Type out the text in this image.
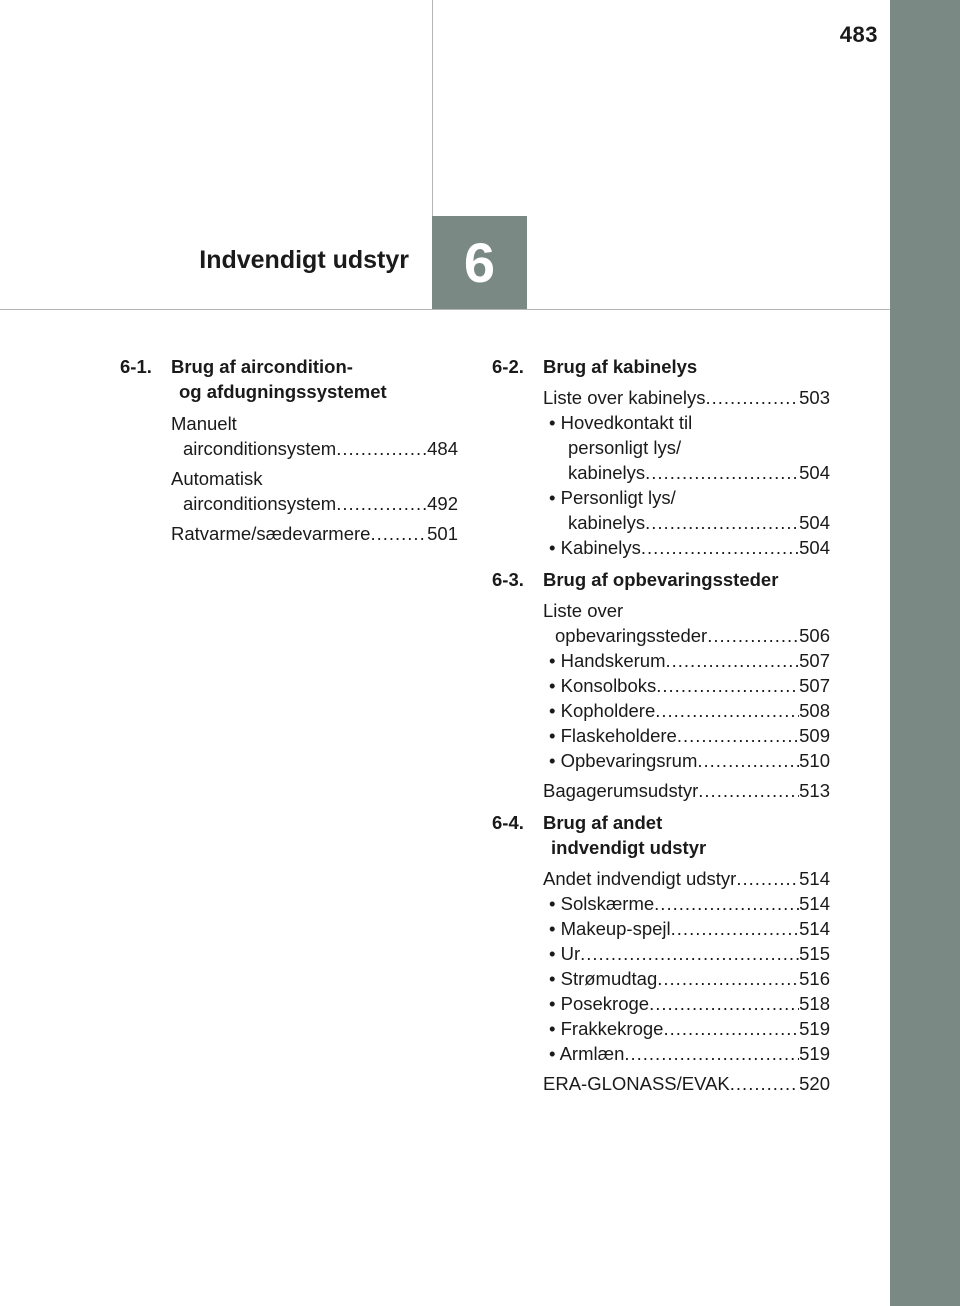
483
Indvendigt udstyr 6
6-1. Brug af aircondition-
og afdugningssystemet
Manuelt
airconditionsystem .....	484
Automatisk
airconditionsystem .....	492
Ratvarme/sædevarmere .....	501
6-2. Brug af kabinelys
Liste over kabinelys .....	503
• Hovedkontakt til
personligt lys/
kabinelys .....	504
• Personligt lys/
kabinelys .....	504
• Kabinelys .....	504
6-3. Brug af opbevaringssteder
Liste over
opbevaringssteder .....	506
• Handskerum .....	507
• Konsolboks .....	507
• Kopholdere .....	508
• Flaskeholdere .....	509
• Opbevaringsrum .....	510
Bagagerumsudstyr .....	513
6-4. Brug af andet
indvendigt udstyr
Andet indvendigt udstyr .....	514
• Solskærme .....	514
• Makeup-spejl .....	514
• Ur .....	515
• Strømudtag .....	516
• Posekroge .....	518
• Frakkekroge .....	519
• Armlæn .....	519
ERA-GLONASS/EVAK .....	520
